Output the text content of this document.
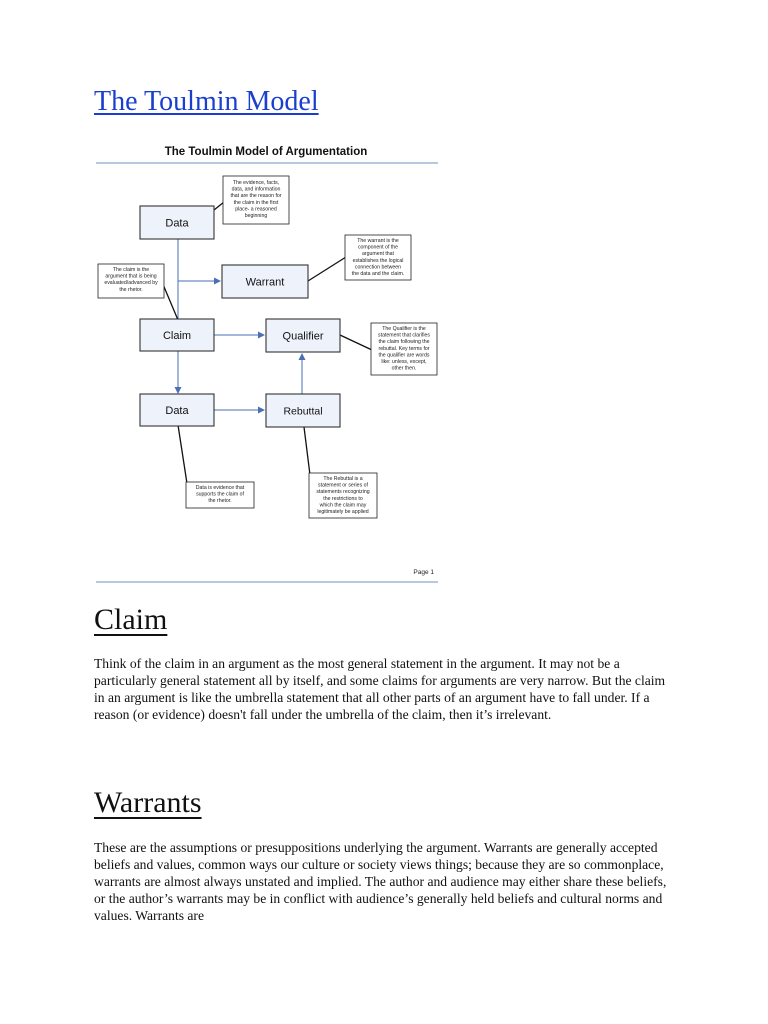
The Toulmin Model
The Toulmin Model of Argumentation
Data
Warrant
Claim	Qualifier
Data	Rebuttal
The evidence, facts, data, and information that are the reason for the claim in the first place- a reasoned beginning
The warrant is the component of the argument that establishes the logical connection between the data and the claim.
The claim is the argument that is being evaluated/advanced by the rhetor.
The Qualifier is the statement that clarifies the claim following the rebuttal. Key terms for the qualifier are words like: unless, except, other then.
Data is evidence that supports the claim of the rhetor.
The Rebuttal is a statement or series of statements recognizing the restrictions to which the claim may legitimately be applied
Page 1
Claim

Think of the claim in an argument as the most general statement in the argument. It may not be a particularly general statement all by itself, and some claims for arguments are very narrow. But the claim in an argument is like the umbrella statement that all other parts of an argument have to fall under. If a reason (or evidence) doesn't fall under the umbrella of the claim, then it’s irrelevant.

Warrants

These are the assumptions or presuppositions underlying the argument. Warrants are generally accepted beliefs and values, common ways our culture or society views things; because they are so commonplace, warrants are almost always unstated and implied. The author and audience may either share these beliefs, or the author’s warrants may be in conflict with audience’s generally held beliefs and cultural norms and values. Warrants are
